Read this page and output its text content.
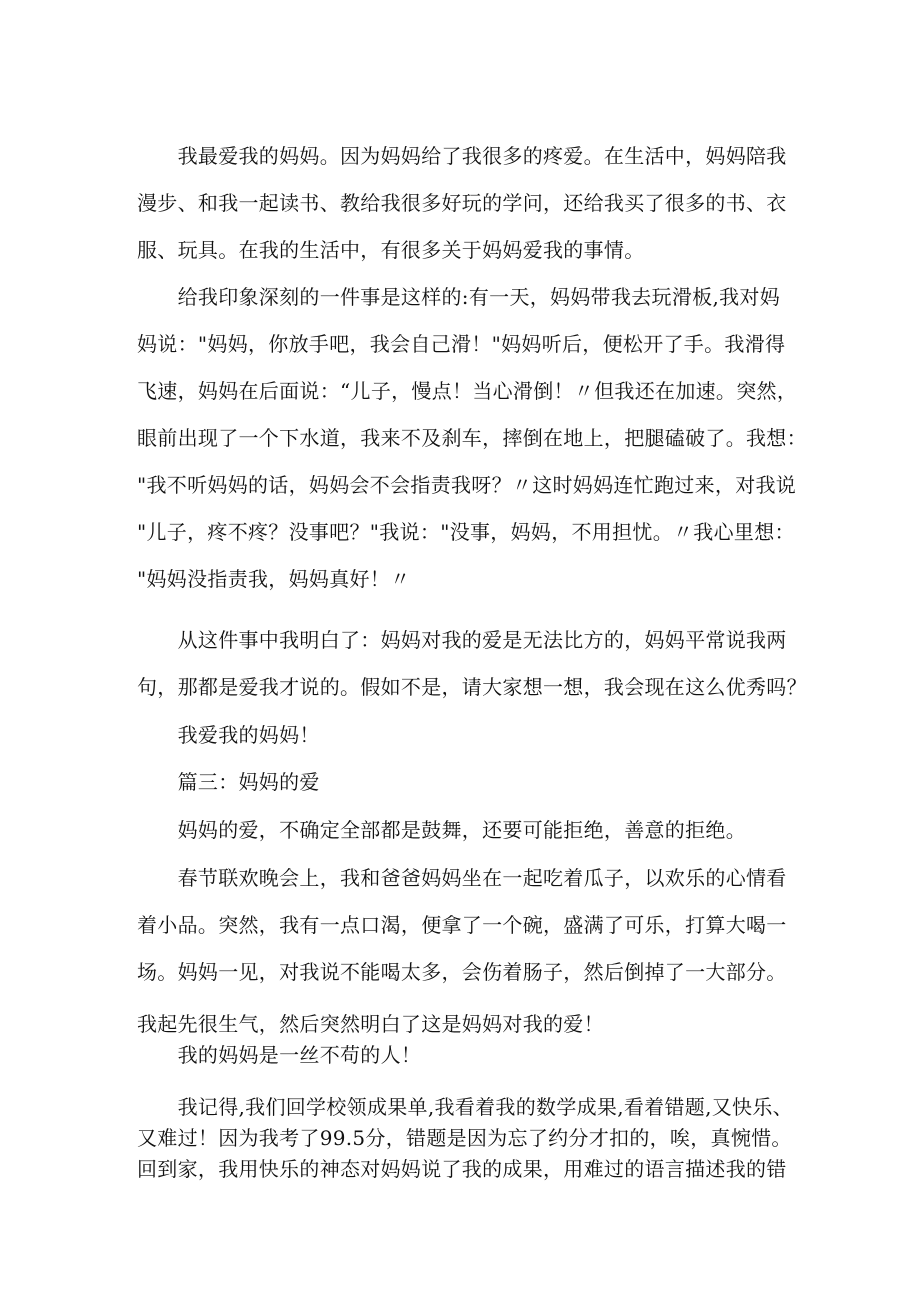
　　我最爱我的妈妈。因为妈妈给了我很多的疼爱。在生活中，妈妈陪我
漫步、和我一起读书、教给我很多好玩的学问，还给我买了很多的书、衣
服、玩具。在我的生活中，有很多关于妈妈爱我的事情。

　　给我印象深刻的一件事是这样的:有一天，妈妈带我去玩滑板,我对妈
妈说："妈妈，你放手吧，我会自己滑！"妈妈听后，便松开了手。我滑得
飞速，妈妈在后面说：“儿子，慢点！当心滑倒！〃但我还在加速。突然，
眼前出现了一个下水道，我来不及刹车，摔倒在地上，把腿磕破了。我想：
"我不听妈妈的话，妈妈会不会指责我呀？〃这时妈妈连忙跑过来，对我说
"儿子，疼不疼？没事吧？"我说："没事，妈妈，不用担忧。〃我心里想：
"妈妈没指责我，妈妈真好！〃

　　从这件事中我明白了：妈妈对我的爱是无法比方的，妈妈平常说我两
句，那都是爱我才说的。假如不是，请大家想一想，我会现在这么优秀吗？

　　我爱我的妈妈！

　　篇三：妈妈的爱

　　妈妈的爱，不确定全部都是鼓舞，还要可能拒绝，善意的拒绝。

　　春节联欢晚会上，我和爸爸妈妈坐在一起吃着瓜子，以欢乐的心情看
着小品。突然，我有一点口渴，便拿了一个碗，盛满了可乐，打算大喝一
场。妈妈一见，对我说不能喝太多，会伤着肠子，然后倒掉了一大部分。

我起先很生气，然后突然明白了这是妈妈对我的爱！
　　我的妈妈是一丝不苟的人！

　　我记得,我们回学校领成果单,我看着我的数学成果,看着错题,又快乐、
又难过！因为我考了99.5分，错题是因为忘了约分才扣的，唉，真惋惜。
回到家，我用快乐的神态对妈妈说了我的成果，用难过的语言描述我的错
